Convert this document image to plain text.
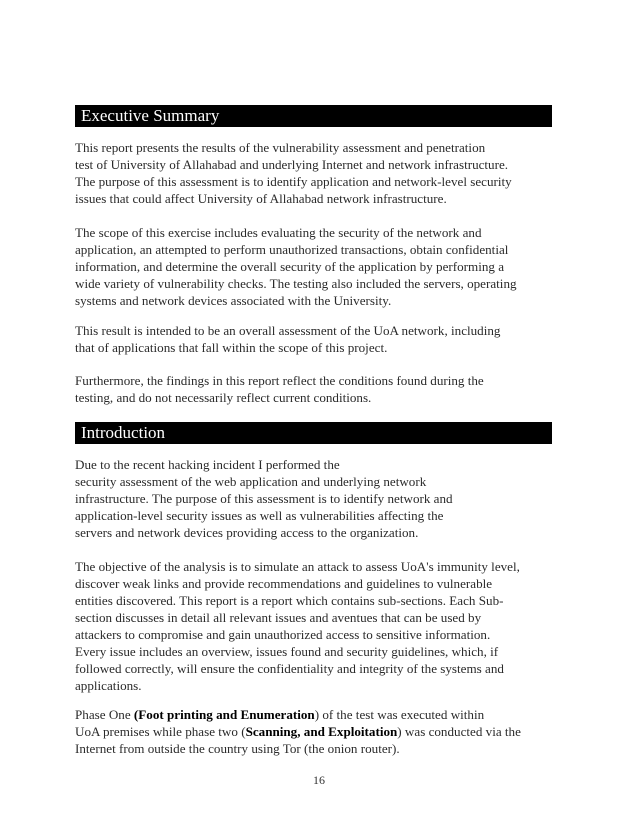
Executive Summary
This report presents the results of the vulnerability assessment and penetration
test of University of Allahabad and underlying Internet and network infrastructure.
The purpose of this assessment is to identify application and network-level security
issues that could affect University of Allahabad network infrastructure.
The scope of this exercise includes evaluating the security of the network and
application, an attempted to perform unauthorized transactions, obtain confidential
information, and determine the overall security of the application by performing a
wide variety of vulnerability checks. The testing also included the servers, operating
systems and network devices associated with the University.
This result is intended to be an overall assessment of the UoA network, including
that of applications that fall within the scope of this project.
Furthermore, the findings in this report reflect the conditions found during the
testing, and do not necessarily reflect current conditions.
Introduction
Due to the recent hacking incident I performed the
security assessment of the web application and underlying network
infrastructure. The purpose of this assessment is to identify network and
application-level security issues as well as vulnerabilities affecting the
servers and network devices providing access to the organization.
The objective of the analysis is to simulate an attack to assess UoA's immunity level,
discover weak links and provide recommendations and guidelines to vulnerable
entities discovered. This report is a report which contains sub-sections. Each Sub-
section discusses in detail all relevant issues and aventues that can be used by
attackers to compromise and gain unauthorized access to sensitive information.
Every issue includes an overview, issues found and security guidelines, which, if
followed correctly, will ensure the confidentiality and integrity of the systems and
applications.
Phase One (Foot printing and Enumeration) of the test was executed within
UoA premises while phase two (Scanning, and Exploitation) was conducted via the
Internet from outside the country using Tor (the onion router).
16
